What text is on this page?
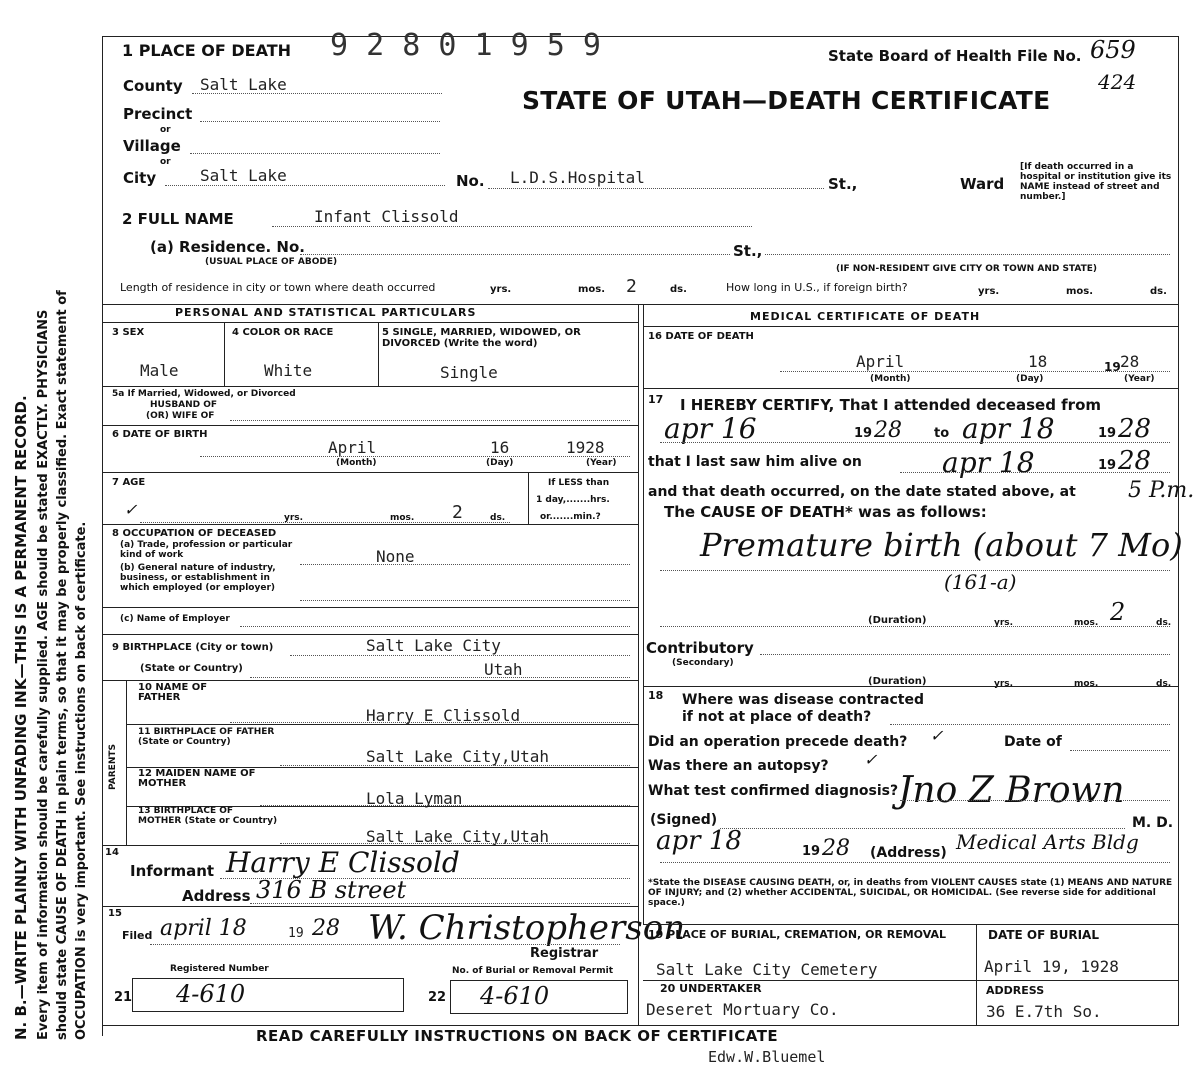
N. B.—WRITE PLAINLY WITH UNFADING INK—THIS IS A PERMANENT RECORD. Every item of information should be carefully supplied. AGE should be stated EXACTLY. PHYSICIANS should state CAUSE OF DEATH in plain terms, so that it may be properly classified. Exact statement of OCCUPATION is very important. See instructions on back of certificate.
1 PLACE OF DEATH 9 2 8 0 1 9 5 9	State Board of Health File No. 659
424
STATE OF UTAH—DEATH CERTIFICATE
County Salt Lake
Precinct
or
Village
or
City	Salt Lake	No. L.D.S.Hospital	St.,	Ward
[If death occurred in a hospital or institution give its NAME instead of street and number.]
2 FULL NAME	Infant Clissold
(a) Residence. No.	St.,
(USUAL PLACE OF ABODE)
(IF NON-RESIDENT GIVE CITY OR TOWN AND STATE)
Length of residence in city or town where death occurred	yrs.	mos. 2	ds.	How long in U.S., if foreign birth?	yrs.	mos.	ds.
PERSONAL AND STATISTICAL PARTICULARS
3 SEX	4 COLOR OR RACE	5 SINGLE, MARRIED, WIDOWED, OR DIVORCED (Write the word)
Male	White	Single
5a If Married, Widowed, or Divorced
HUSBAND OF
(OR) WIFE OF
6 DATE OF BIRTH
April	16	1928
(Month)	(Day)	(Year)
7 AGE
✓	yrs.	mos. 2	ds.
If LESS than
1 day,.......hrs.
or.......min.?
8 OCCUPATION OF DECEASED
(a) Trade, profession or particular kind of work
(b) General nature of industry, business, or establishment in which employed (or employer)
None
(c) Name of Employer
9 BIRTHPLACE (City or town)	Salt Lake City
(State or Country)	Utah
PARENTS
10 NAME OF FATHER
Harry E Clissold
11 BIRTHPLACE OF FATHER (State or Country)
Salt Lake City,Utah
12 MAIDEN NAME OF MOTHER
Lola Lyman
13 BIRTHPLACE OF MOTHER (State or Country)
Salt Lake City,Utah
14
Informant Harry E Clissold
Address 316 B street
15
Filed april 18	19 28 W. Christopherson
Registrar
Registered Number	No. of Burial or Removal Permit
21 4-610	22 4-610
MEDICAL CERTIFICATE OF DEATH
16 DATE OF DEATH
April	18	19 28
(Month)	(Day)	(Year)
17 I HEREBY CERTIFY, That I attended deceased from
apr 16	19 28 to apr 18	19 28
that I last saw him alive on	apr 18	19 28
and that death occurred, on the date stated above, at 5 P.m.
The CAUSE OF DEATH* was as follows:
Premature birth (about 7 Mo)
(161-a)
(Duration)	yrs.	mos. 2	ds.
Contributory
(Secondary)
(Duration)	yrs.	mos.	ds.
18 Where was disease contracted
if not at place of death?
Did an operation precede death? ✓	Date of
Was there an autopsy? ✓
What test confirmed diagnosis? Jno Z Brown
(Signed)	M. D.
apr 18	19 28 (Address) Medical Arts Bldg
*State the DISEASE CAUSING DEATH, or, in deaths from VIOLENT CAUSES state (1) MEANS AND NATURE OF INJURY; and (2) whether ACCIDENTAL, SUICIDAL, OR HOMICIDAL. (See reverse side for additional space.)
19 PLACE OF BURIAL, CREMATION, OR REMOVAL
Salt Lake City Cemetery
DATE OF BURIAL
April 19, 1928
20 UNDERTAKER
Deseret Mortuary Co.
ADDRESS
36 E.7th So.
READ CAREFULLY INSTRUCTIONS ON BACK OF CERTIFICATE
Edw.W.Bluemel
